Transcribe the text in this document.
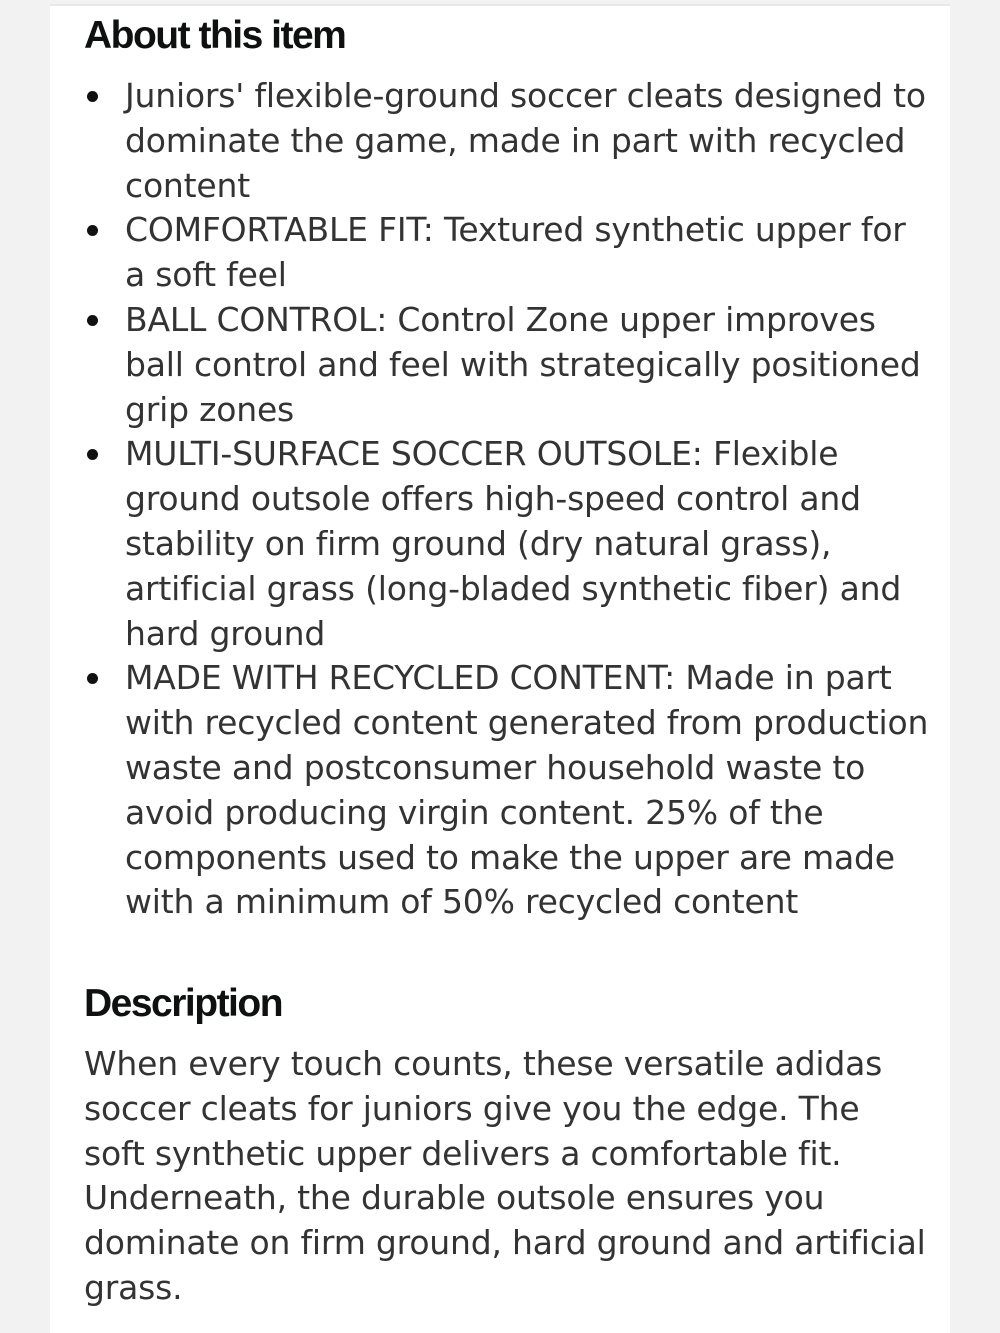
About this item
Juniors' flexible-ground soccer cleats designed to dominate the game, made in part with recycled content
COMFORTABLE FIT: Textured synthetic upper for a soft feel
BALL CONTROL: Control Zone upper improves ball control and feel with strategically positioned grip zones
MULTI-SURFACE SOCCER OUTSOLE: Flexible ground outsole offers high-speed control and stability on firm ground (dry natural grass), artificial grass (long-bladed synthetic fiber) and hard ground
MADE WITH RECYCLED CONTENT: Made in part with recycled content generated from production waste and postconsumer household waste to avoid producing virgin content. 25% of the components used to make the upper are made with a minimum of 50% recycled content
Description

When every touch counts, these versatile adidas soccer cleats for juniors give you the edge. The soft synthetic upper delivers a comfortable fit. Underneath, the durable outsole ensures you dominate on firm ground, hard ground and artificial grass.
